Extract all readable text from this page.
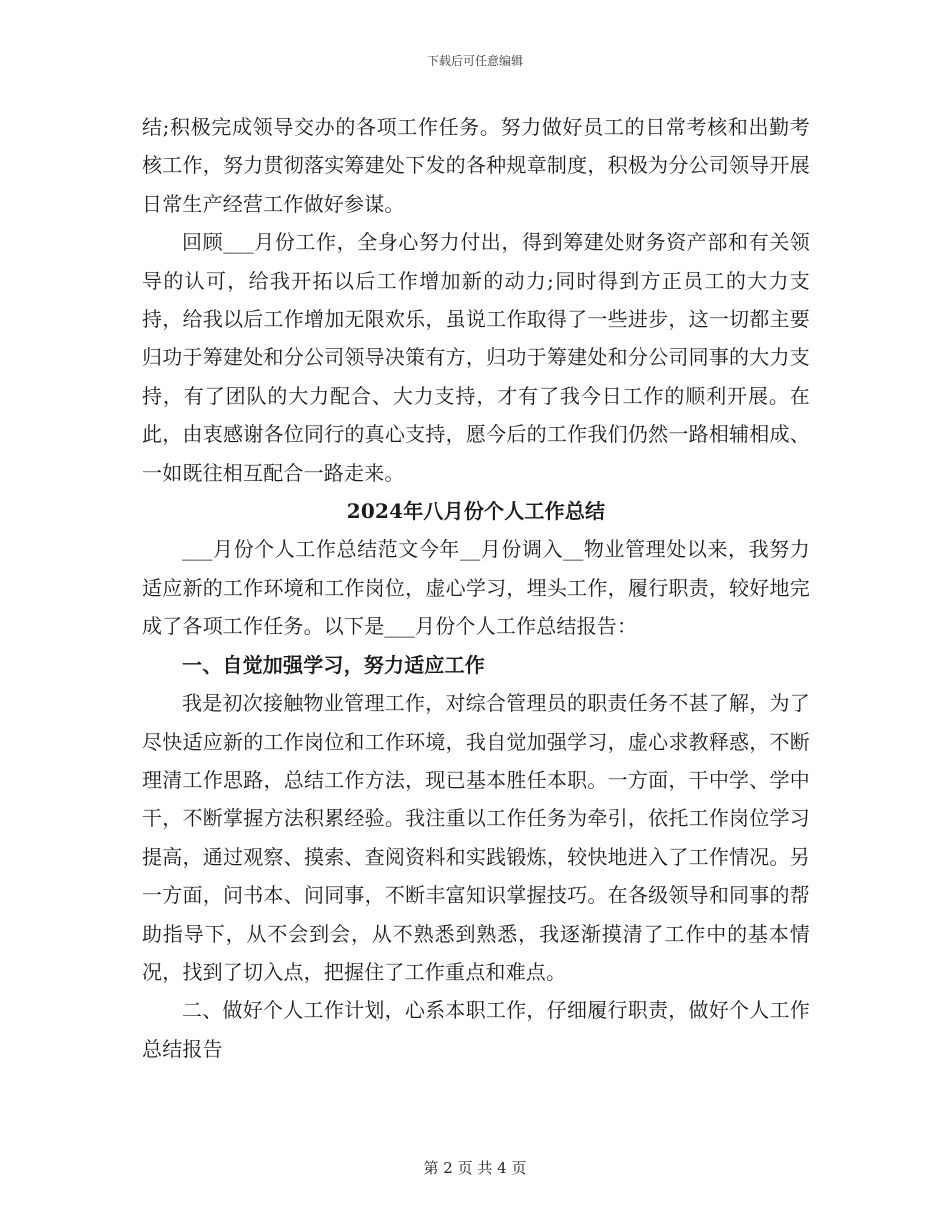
下载后可任意编辑

结;积极完成领导交办的各项工作任务。努力做好员工的日常考核和出勤考核工作，努力贯彻落实筹建处下发的各种规章制度，积极为分公司领导开展日常生产经营工作做好参谋。

回顾___月份工作，全身心努力付出，得到筹建处财务资产部和有关领导的认可，给我开拓以后工作增加新的动力;同时得到方正员工的大力支持，给我以后工作增加无限欢乐，虽说工作取得了一些进步，这一切都主要归功于筹建处和分公司领导决策有方，归功于筹建处和分公司同事的大力支持，有了团队的大力配合、大力支持，才有了我今日工作的顺利开展。在此，由衷感谢各位同行的真心支持，愿今后的工作我们仍然一路相辅相成、一如既往相互配合一路走来。

2024年八月份个人工作总结

___月份个人工作总结范文今年__月份调入__物业管理处以来，我努力适应新的工作环境和工作岗位，虚心学习，埋头工作，履行职责，较好地完成了各项工作任务。以下是___月份个人工作总结报告：

一、自觉加强学习，努力适应工作

我是初次接触物业管理工作，对综合管理员的职责任务不甚了解，为了尽快适应新的工作岗位和工作环境，我自觉加强学习，虚心求教释惑，不断理清工作思路，总结工作方法，现已基本胜任本职。一方面，干中学、学中干，不断掌握方法积累经验。我注重以工作任务为牵引，依托工作岗位学习提高，通过观察、摸索、查阅资料和实践锻炼，较快地进入了工作情况。另一方面，问书本、问同事，不断丰富知识掌握技巧。在各级领导和同事的帮助指导下，从不会到会，从不熟悉到熟悉，我逐渐摸清了工作中的基本情况，找到了切入点，把握住了工作重点和难点。

二、做好个人工作计划，心系本职工作，仔细履行职责，做好个人工作总结报告

第 2 页 共 4 页
